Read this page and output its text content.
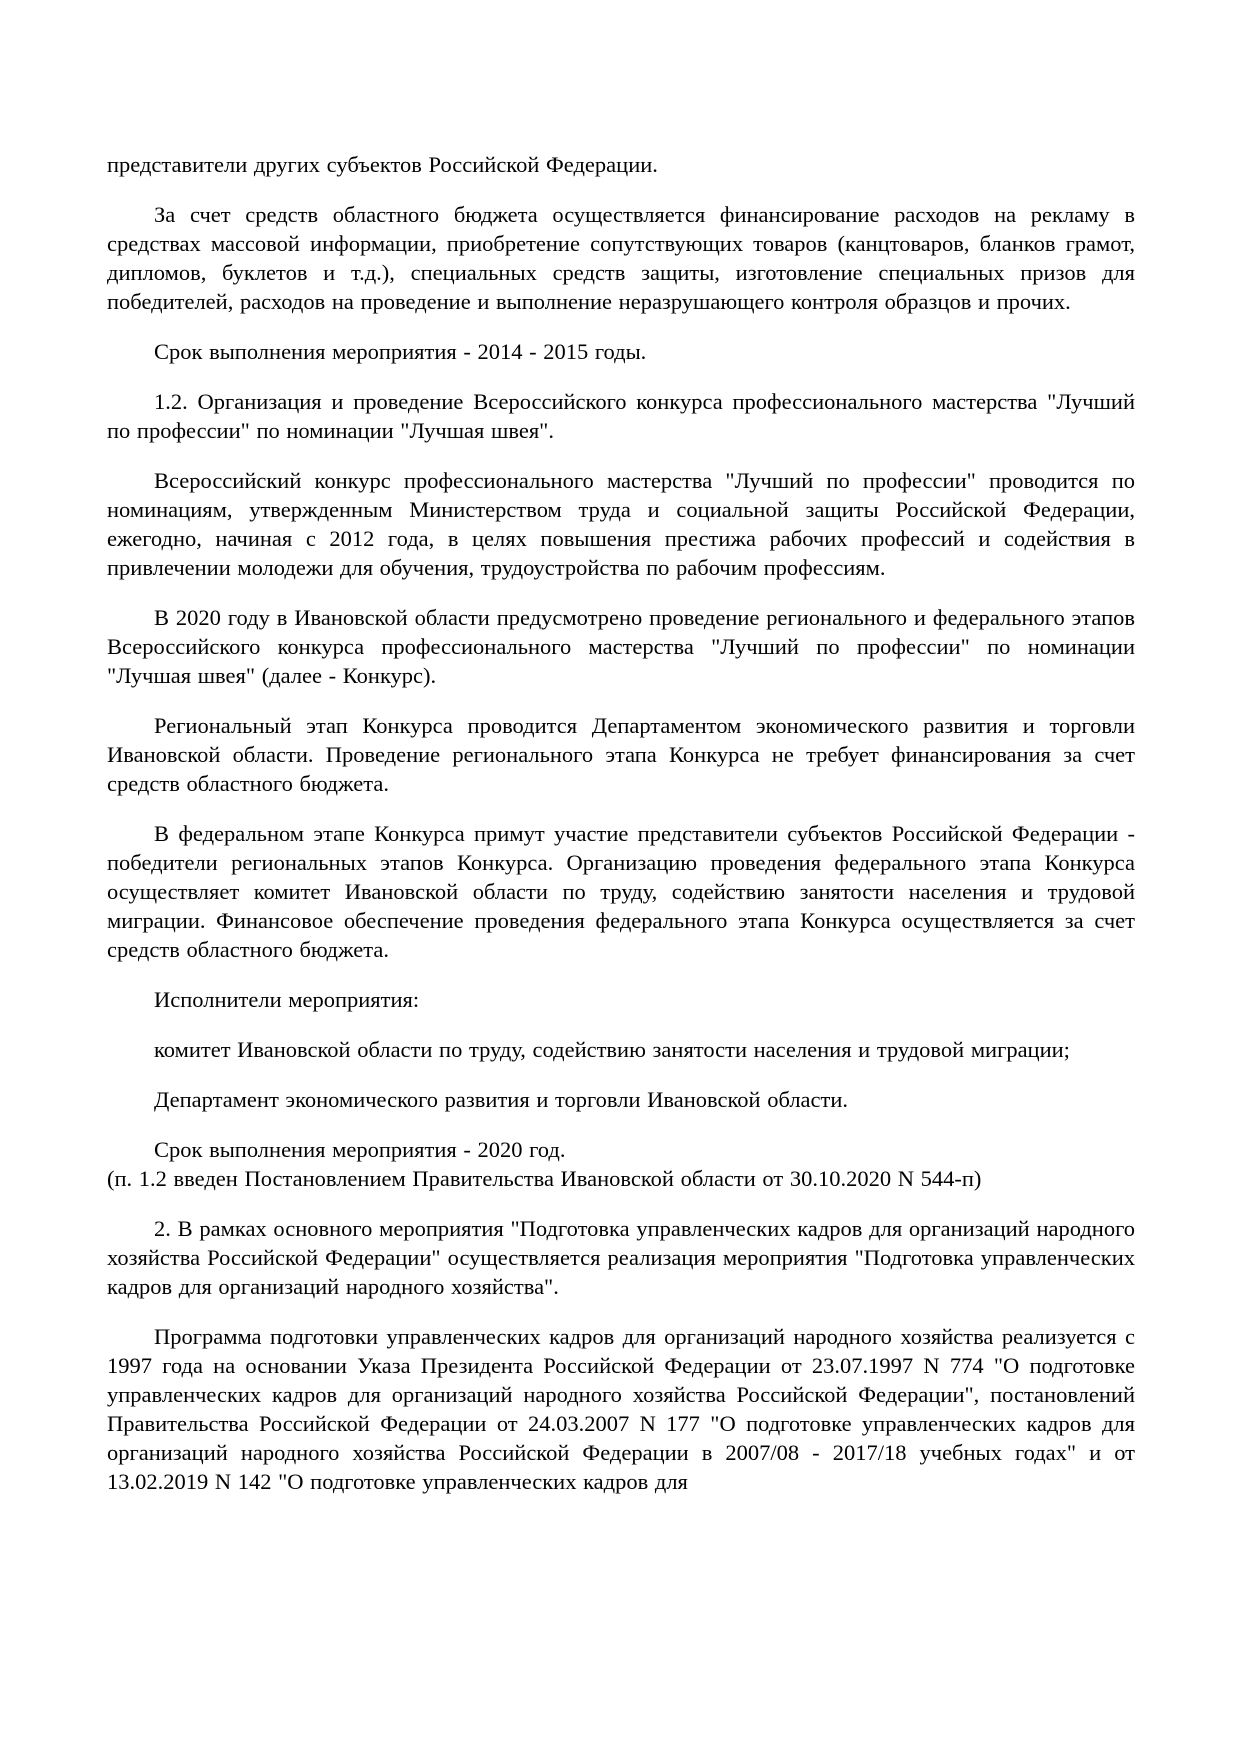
представители других субъектов Российской Федерации.

За счет средств областного бюджета осуществляется финансирование расходов на рекламу в средствах массовой информации, приобретение сопутствующих товаров (канцтоваров, бланков грамот, дипломов, буклетов и т.д.), специальных средств защиты, изготовление специальных призов для победителей, расходов на проведение и выполнение неразрушающего контроля образцов и прочих.

Срок выполнения мероприятия - 2014 - 2015 годы.

1.2. Организация и проведение Всероссийского конкурса профессионального мастерства "Лучший по профессии" по номинации "Лучшая швея".

Всероссийский конкурс профессионального мастерства "Лучший по профессии" проводится по номинациям, утвержденным Министерством труда и социальной защиты Российской Федерации, ежегодно, начиная с 2012 года, в целях повышения престижа рабочих профессий и содействия в привлечении молодежи для обучения, трудоустройства по рабочим профессиям.

В 2020 году в Ивановской области предусмотрено проведение регионального и федерального этапов Всероссийского конкурса профессионального мастерства "Лучший по профессии" по номинации "Лучшая швея" (далее - Конкурс).

Региональный этап Конкурса проводится Департаментом экономического развития и торговли Ивановской области. Проведение регионального этапа Конкурса не требует финансирования за счет средств областного бюджета.

В федеральном этапе Конкурса примут участие представители субъектов Российской Федерации - победители региональных этапов Конкурса. Организацию проведения федерального этапа Конкурса осуществляет комитет Ивановской области по труду, содействию занятости населения и трудовой миграции. Финансовое обеспечение проведения федерального этапа Конкурса осуществляется за счет средств областного бюджета.

Исполнители мероприятия:

комитет Ивановской области по труду, содействию занятости населения и трудовой миграции;

Департамент экономического развития и торговли Ивановской области.

Срок выполнения мероприятия - 2020 год.

(п. 1.2 введен Постановлением Правительства Ивановской области от 30.10.2020 N 544-п)

2. В рамках основного мероприятия "Подготовка управленческих кадров для организаций народного хозяйства Российской Федерации" осуществляется реализация мероприятия "Подготовка управленческих кадров для организаций народного хозяйства".

Программа подготовки управленческих кадров для организаций народного хозяйства реализуется с 1997 года на основании Указа Президента Российской Федерации от 23.07.1997 N 774 "О подготовке управленческих кадров для организаций народного хозяйства Российской Федерации", постановлений Правительства Российской Федерации от 24.03.2007 N 177 "О подготовке управленческих кадров для организаций народного хозяйства Российской Федерации в 2007/08 - 2017/18 учебных годах" и от 13.02.2019 N 142 "О подготовке управленческих кадров для
